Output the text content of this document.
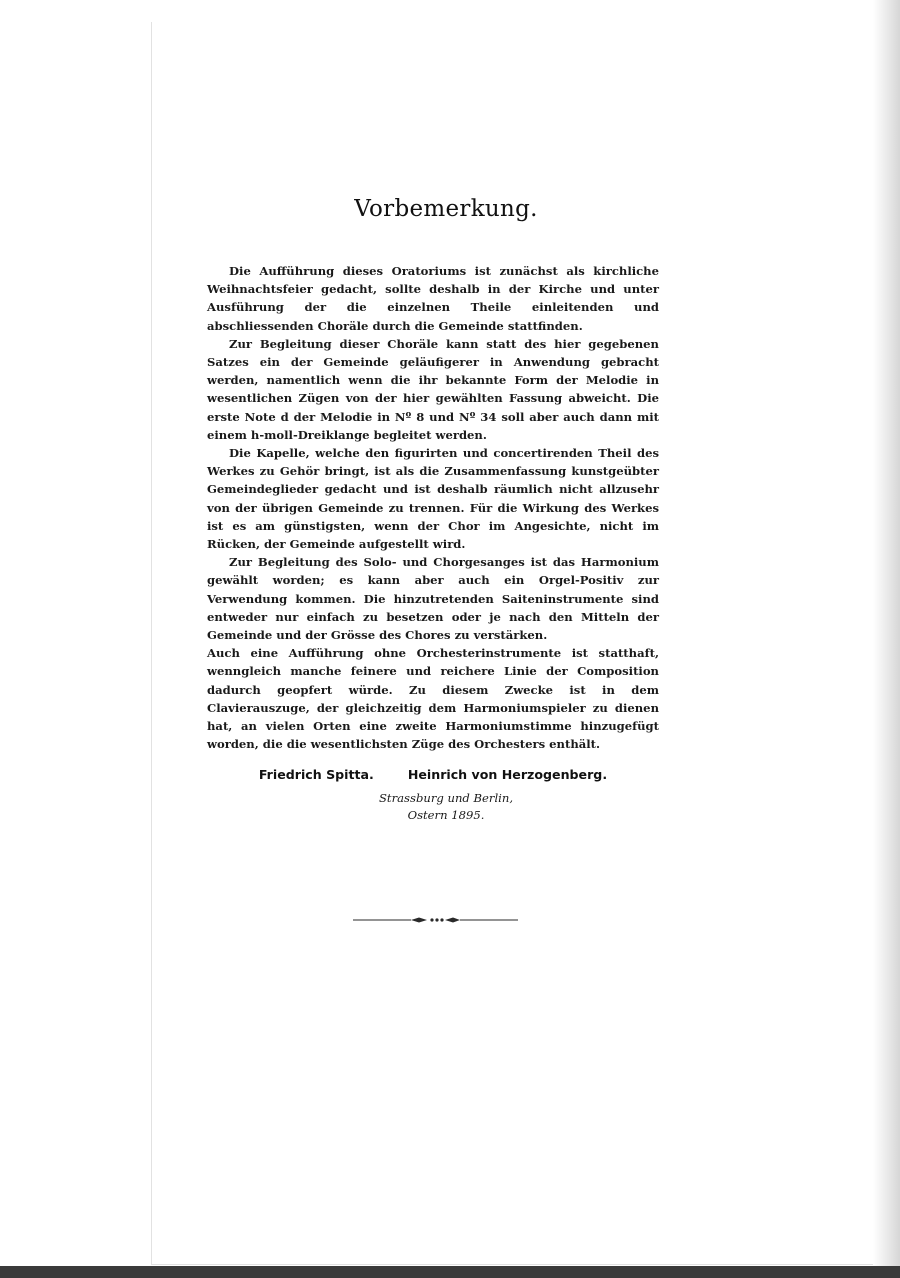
Vorbemerkung.

Die Aufführung dieses Oratoriums ist zunächst als kirchliche Weihnachtsfeier gedacht, sollte deshalb in der Kirche und unter Ausführung der die einzelnen Theile einleitenden und abschliessenden Choräle durch die Gemeinde stattfinden.

Zur Begleitung dieser Choräle kann statt des hier gegebenen Satzes ein der Gemeinde geläufigerer in Anwendung gebracht werden, namentlich wenn die ihr bekannte Form der Melodie in wesentlichen Zügen von der hier gewählten Fassung abweicht. Die erste Note d der Melodie in Nº 8 und Nº 34 soll aber auch dann mit einem h-moll-Dreiklange begleitet werden.

Die Kapelle, welche den figurirten und concertirenden Theil des Werkes zu Gehör bringt, ist als die Zusammenfassung kunstgeübter Gemeindeglieder gedacht und ist deshalb räumlich nicht allzusehr von der übrigen Gemeinde zu trennen. Für die Wirkung des Werkes ist es am günstigsten, wenn der Chor im Angesichte, nicht im Rücken, der Gemeinde aufgestellt wird.

Zur Begleitung des Solo- und Chorgesanges ist das Harmonium gewählt worden; es kann aber auch ein Orgel-Positiv zur Verwendung kommen. Die hinzutretenden Saiteninstrumente sind entweder nur einfach zu besetzen oder je nach den Mitteln der Gemeinde und der Grösse des Chores zu verstärken.

Auch eine Aufführung ohne Orchesterinstrumente ist statthaft, wenngleich manche feinere und reichere Linie der Composition dadurch geopfert würde. Zu diesem Zwecke ist in dem Clavierauszuge, der gleichzeitig dem Harmoniumspieler zu dienen hat, an vielen Orten eine zweite Harmoniumstimme hinzugefügt worden, die die wesentlichsten Züge des Orchesters enthält.

Friedrich Spitta.	Heinrich von Herzogenberg.
Strassburg und Berlin,
Ostern 1895.
